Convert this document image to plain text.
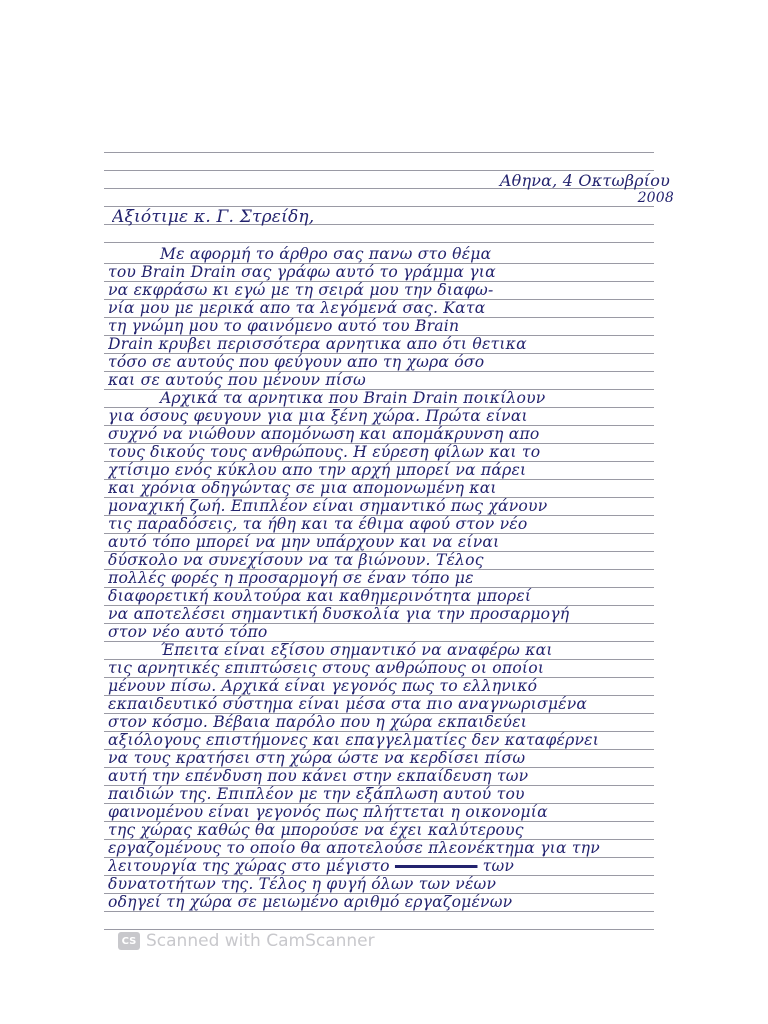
Αθηνα, 4 Οκτωβρίου
2008
Αξιότιμε κ. Γ. Στρείδη,
Με αφορμή το άρθρο σας πανω στο θέμα
του Brain Drain σας γράφω αυτό το γράμμα για
να εκφράσω κι εγώ με τη σειρά μου την διαφω-
νία μου με μερικά απο τα λεγόμενά σας. Κατα
τη γνώμη μου το φαινόμενο αυτό του Brain
Drain κρυβει περισσότερα αρνητικα απο ότι θετικα
τόσο σε αυτούς που φεύγουν απο τη χωρα όσο
και σε αυτούς που μένουν πίσω
Αρχικά τα αρνητικα που Brain Drain ποικίλουν
για όσους φευγουν για μια ξένη χώρα. Πρώτα είναι
συχνό να νιώθουν απομόνωση και απομάκρυνση απο
τους δικούς τους ανθρώπους. Η εύρεση φίλων και το
χτίσιμο ενός κύκλου απο την αρχή μπορεί να πάρει
και χρόνια οδηγώντας σε μια απομονωμένη και
μοναχική ζωή. Επιπλέον είναι σημαντικό πως χάνουν
τις παραδόσεις, τα ήθη και τα έθιμα αφού στον νέο
αυτό τόπο μπορεί να μην υπάρχουν και να είναι
δύσκολο να συνεχίσουν να τα βιώνουν. Τέλος
πολλές φορές η προσαρμογή σε έναν τόπο με
διαφορετική κουλτούρα και καθημερινότητα μπορεί
να αποτελέσει σημαντική δυσκολία για την προσαρμογή
στον νέο αυτό τόπο
Έπειτα είναι εξίσου σημαντικό να αναφέρω και
τις αρνητικές επιπτώσεις στους ανθρώπους οι οποίοι
μένουν πίσω. Αρχικά είναι γεγονός πως το ελληνικό
εκπαιδευτικό σύστημα είναι μέσα στα πιο αναγνωρισμένα
στον κόσμο. Βέβαια παρόλο που η χώρα εκπαιδεύει
αξιόλογους επιστήμονες και επαγγελματίες δεν καταφέρνει
να τους κρατήσει στη χώρα ώστε να κερδίσει πίσω
αυτή την επένδυση που κάνει στην εκπαίδευση των
παιδιών της. Επιπλέον με την εξάπλωση αυτού του
φαινομένου είναι γεγονός πως πλήττεται η οικονομία
της χώρας καθώς θα μπορούσε να έχει καλύτερους
εργαζομένους το οποίο θα αποτελούσε πλεονέκτημα για την
λειτουργία της χώρας στο μέγιστο	των
δυνατοτήτων της. Τέλος η φυγή όλων των νέων
οδηγεί τη χώρα σε μειωμένο αριθμό εργαζομένων
CS Scanned with CamScanner
